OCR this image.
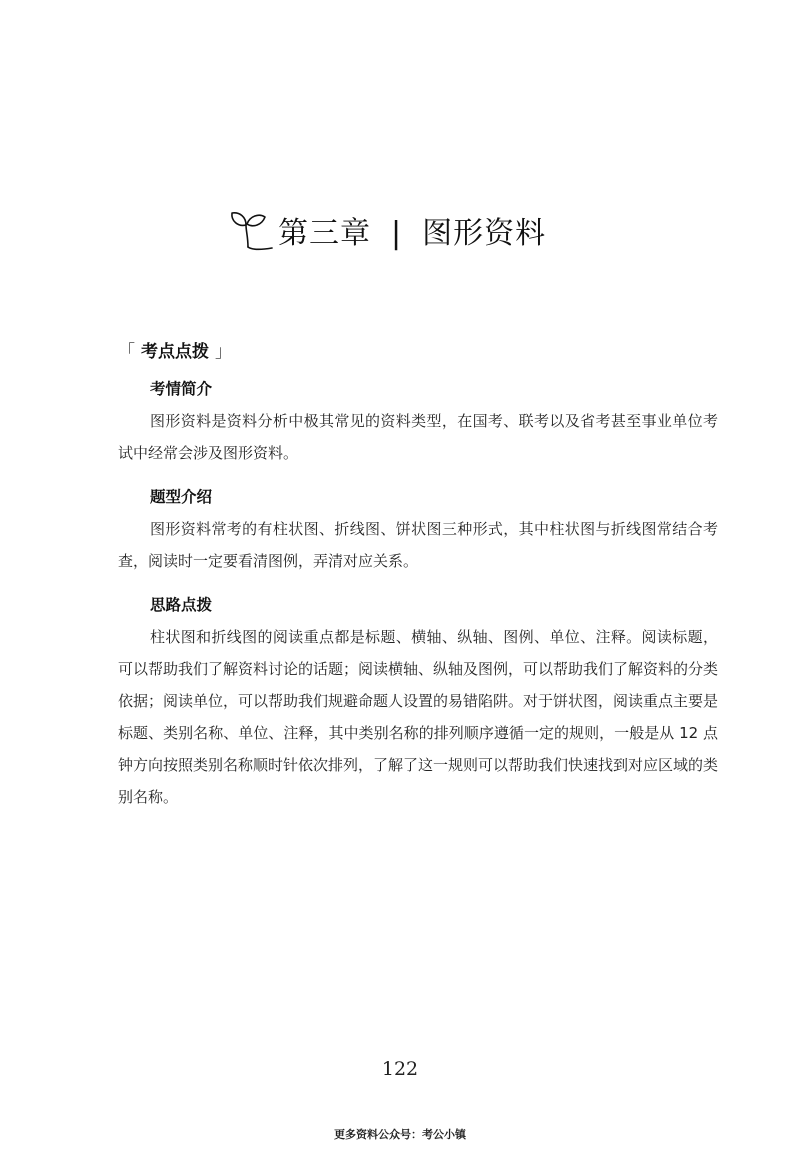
第三章 | 图形资料
「 考点点拨 」
考情简介

图形资料是资料分析中极其常见的资料类型，在国考、联考以及省考甚至事业单位考试中经常会涉及图形资料。

题型介绍

图形资料常考的有柱状图、折线图、饼状图三种形式，其中柱状图与折线图常结合考查，阅读时一定要看清图例，弄清对应关系。

思路点拨

柱状图和折线图的阅读重点都是标题、横轴、纵轴、图例、单位、注释。阅读标题，可以帮助我们了解资料讨论的话题；阅读横轴、纵轴及图例，可以帮助我们了解资料的分类依据；阅读单位，可以帮助我们规避命题人设置的易错陷阱。对于饼状图，阅读重点主要是标题、类别名称、单位、注释，其中类别名称的排列顺序遵循一定的规则，一般是从 12 点钟方向按照类别名称顺时针依次排列，了解了这一规则可以帮助我们快速找到对应区域的类别名称。

122
更多资料公众号：考公小镇
